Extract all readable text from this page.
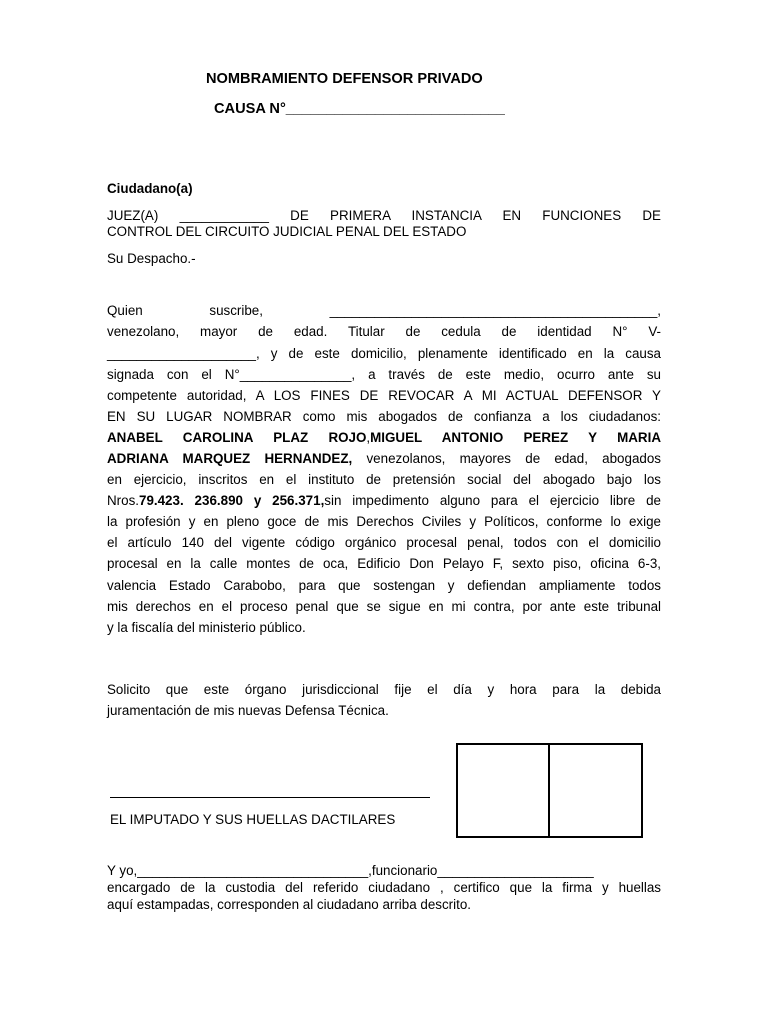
NOMBRAMIENTO DEFENSOR PRIVADO
CAUSA N°___________________________
Ciudadano(a)
JUEZ(A) ____________ DE PRIMERA INSTANCIA EN FUNCIONES DE
CONTROL DEL CIRCUITO JUDICIAL PENAL DEL ESTADO
Su Despacho.-
Quien suscribe, ____________________________________________,
venezolano, mayor de edad. Titular de cedula de identidad N° V-
____________________, y de este domicilio, plenamente identificado en la causa
signada con el N°_______________, a través de este medio, ocurro ante su
competente autoridad, A LOS FINES DE REVOCAR A MI ACTUAL DEFENSOR Y
EN SU LUGAR NOMBRAR como mis abogados de confianza a los ciudadanos:
ANABEL CAROLINA PLAZ ROJO,MIGUEL ANTONIO PEREZ Y MARIA
ADRIANA MARQUEZ HERNANDEZ, venezolanos, mayores de edad, abogados
en ejercicio, inscritos en el instituto de pretensión social del abogado bajo los
Nros.79.423. 236.890 y 256.371,sin impedimento alguno para el ejercicio libre de
la profesión y en pleno goce de mis Derechos Civiles y Políticos, conforme lo exige
el artículo 140 del vigente código orgánico procesal penal, todos con el domicilio
procesal en la calle montes de oca, Edificio Don Pelayo F, sexto piso, oficina 6-3,
valencia Estado Carabobo, para que sostengan y defiendan ampliamente todos
mis derechos en el proceso penal que se sigue en mi contra, por ante este tribunal
y la fiscalía del ministerio público.
Solicito que este órgano jurisdiccional fije el día y hora para la debida
juramentación de mis nuevas Defensa Técnica.
EL IMPUTADO Y SUS HUELLAS DACTILARES
Y yo,_______________________________,funcionario_____________________
encargado de la custodia del referido ciudadano , certifico que la firma y huellas
aquí estampadas, corresponden al ciudadano arriba descrito.
